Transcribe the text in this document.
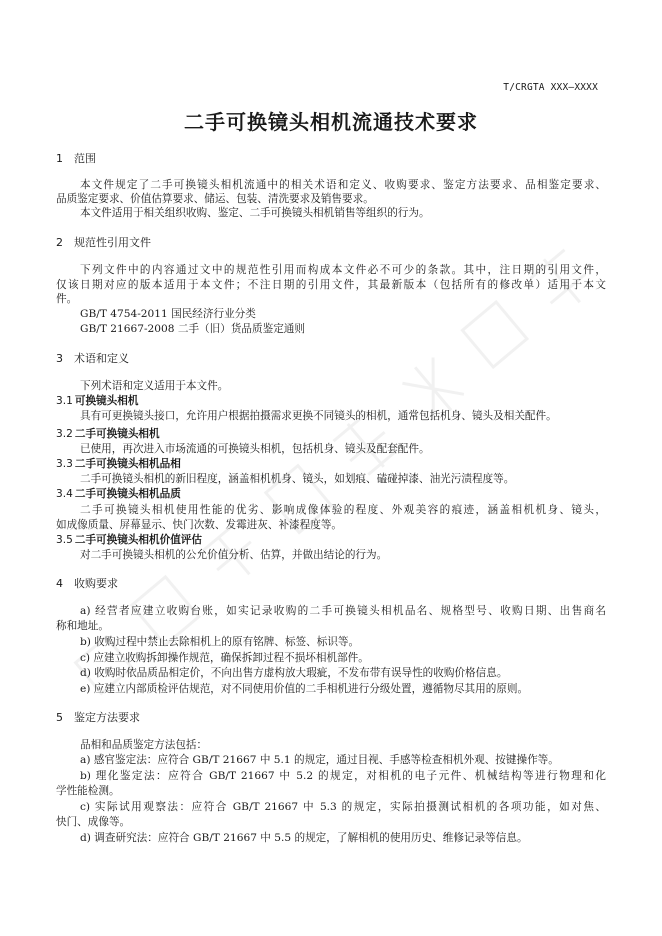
T/CRGTA XXX—XXXX
二手可换镜头相机流通技术要求
1 范围
本文件规定了二手可换镜头相机流通中的相关术语和定义、收购要求、鉴定方法要求、品相鉴定要求、
品质鉴定要求、价值估算要求、储运、包装、清洗要求及销售要求。
本文件适用于相关组织收购、鉴定、二手可换镜头相机销售等组织的行为。
2 规范性引用文件
下列文件中的内容通过文中的规范性引用而构成本文件必不可少的条款。其中，注日期的引用文件，
仅该日期对应的版本适用于本文件；不注日期的引用文件，其最新版本（包括所有的修改单）适用于本文
件。
GB/T 4754-2011 国民经济行业分类
GB/T 21667-2008 二手（旧）货品质鉴定通则
3 术语和定义
下列术语和定义适用于本文件。
3.1 可换镜头相机
具有可更换镜头接口，允许用户根据拍摄需求更换不同镜头的相机，通常包括机身、镜头及相关配件。
3.2 二手可换镜头相机
已使用，再次进入市场流通的可换镜头相机，包括机身、镜头及配套配件。
3.3 二手可换镜头相机品相
二手可换镜头相机的新旧程度，涵盖相机机身、镜头，如划痕、磕碰掉漆、油光污渍程度等。
3.4 二手可换镜头相机品质
二手可换镜头相机使用性能的优劣、影响成像体验的程度、外观美容的痕迹，涵盖相机机身、镜头，
如成像质量、屏幕显示、快门次数、发霉进灰、补漆程度等。
3.5 二手可换镜头相机价值评估
对二手可换镜头相机的公允价值分析、估算，并做出结论的行为。
4 收购要求
a) 经营者应建立收购台账，如实记录收购的二手可换镜头相机品名、规格型号、收购日期、出售商名
称和地址。
b) 收购过程中禁止去除相机上的原有铭牌、标签、标识等。
c) 应建立收购拆卸操作规范，确保拆卸过程不损坏相机部件。
d) 收购时依品质品相定价，不向出售方虚构放大瑕疵，不发布带有误导性的收购价格信息。
e) 应建立内部质检评估规范，对不同使用价值的二手相机进行分级处置，遵循物尽其用的原则。
5 鉴定方法要求
品相和品质鉴定方法包括：
a) 感官鉴定法：应符合 GB/T 21667 中 5.1 的规定，通过目视、手感等检查相机外观、按键操作等。
b) 理化鉴定法：应符合 GB/T 21667 中 5.2 的规定，对相机的电子元件、机械结构等进行物理和化
学性能检测。
c) 实际试用观察法：应符合 GB/T 21667 中 5.3 的规定，实际拍摄测试相机的各项功能，如对焦、
快门、成像等。
d) 调查研究法：应符合 GB/T 21667 中 5.5 的规定，了解相机的使用历史、维修记录等信息。
